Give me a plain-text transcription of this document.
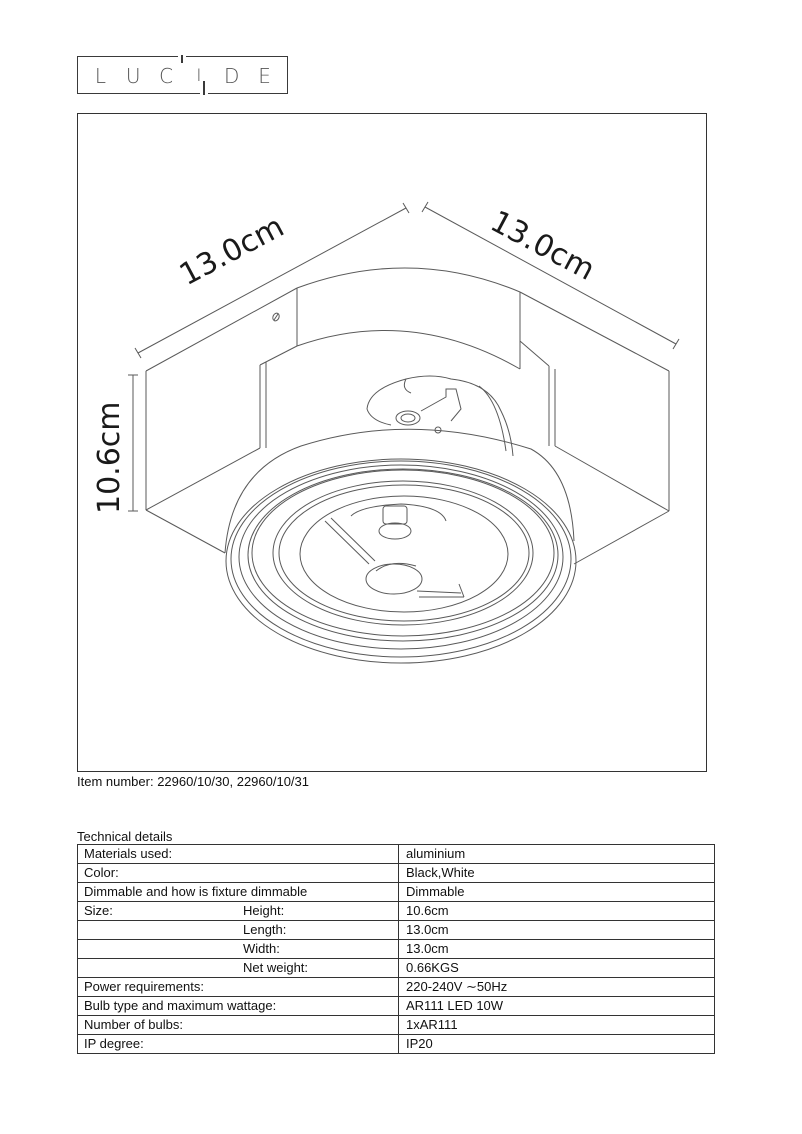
L U C	I	D E
13.0cm	13.0cm
10.6cm
Item number: 22960/10/30, 22960/10/31
Technical details
Materials used:		aluminium
Color:		Black,White
Dimmable and how is fixture dimmable		Dimmable
Size:	Height:	10.6cm
	Length:	13.0cm
	Width:	13.0cm
	Net weight:	0.66KGS
Power requirements:		220-240V ∼50Hz
Bulb type and maximum wattage:		AR111 LED 10W
Number of bulbs:		1xAR111
IP degree:		IP20
